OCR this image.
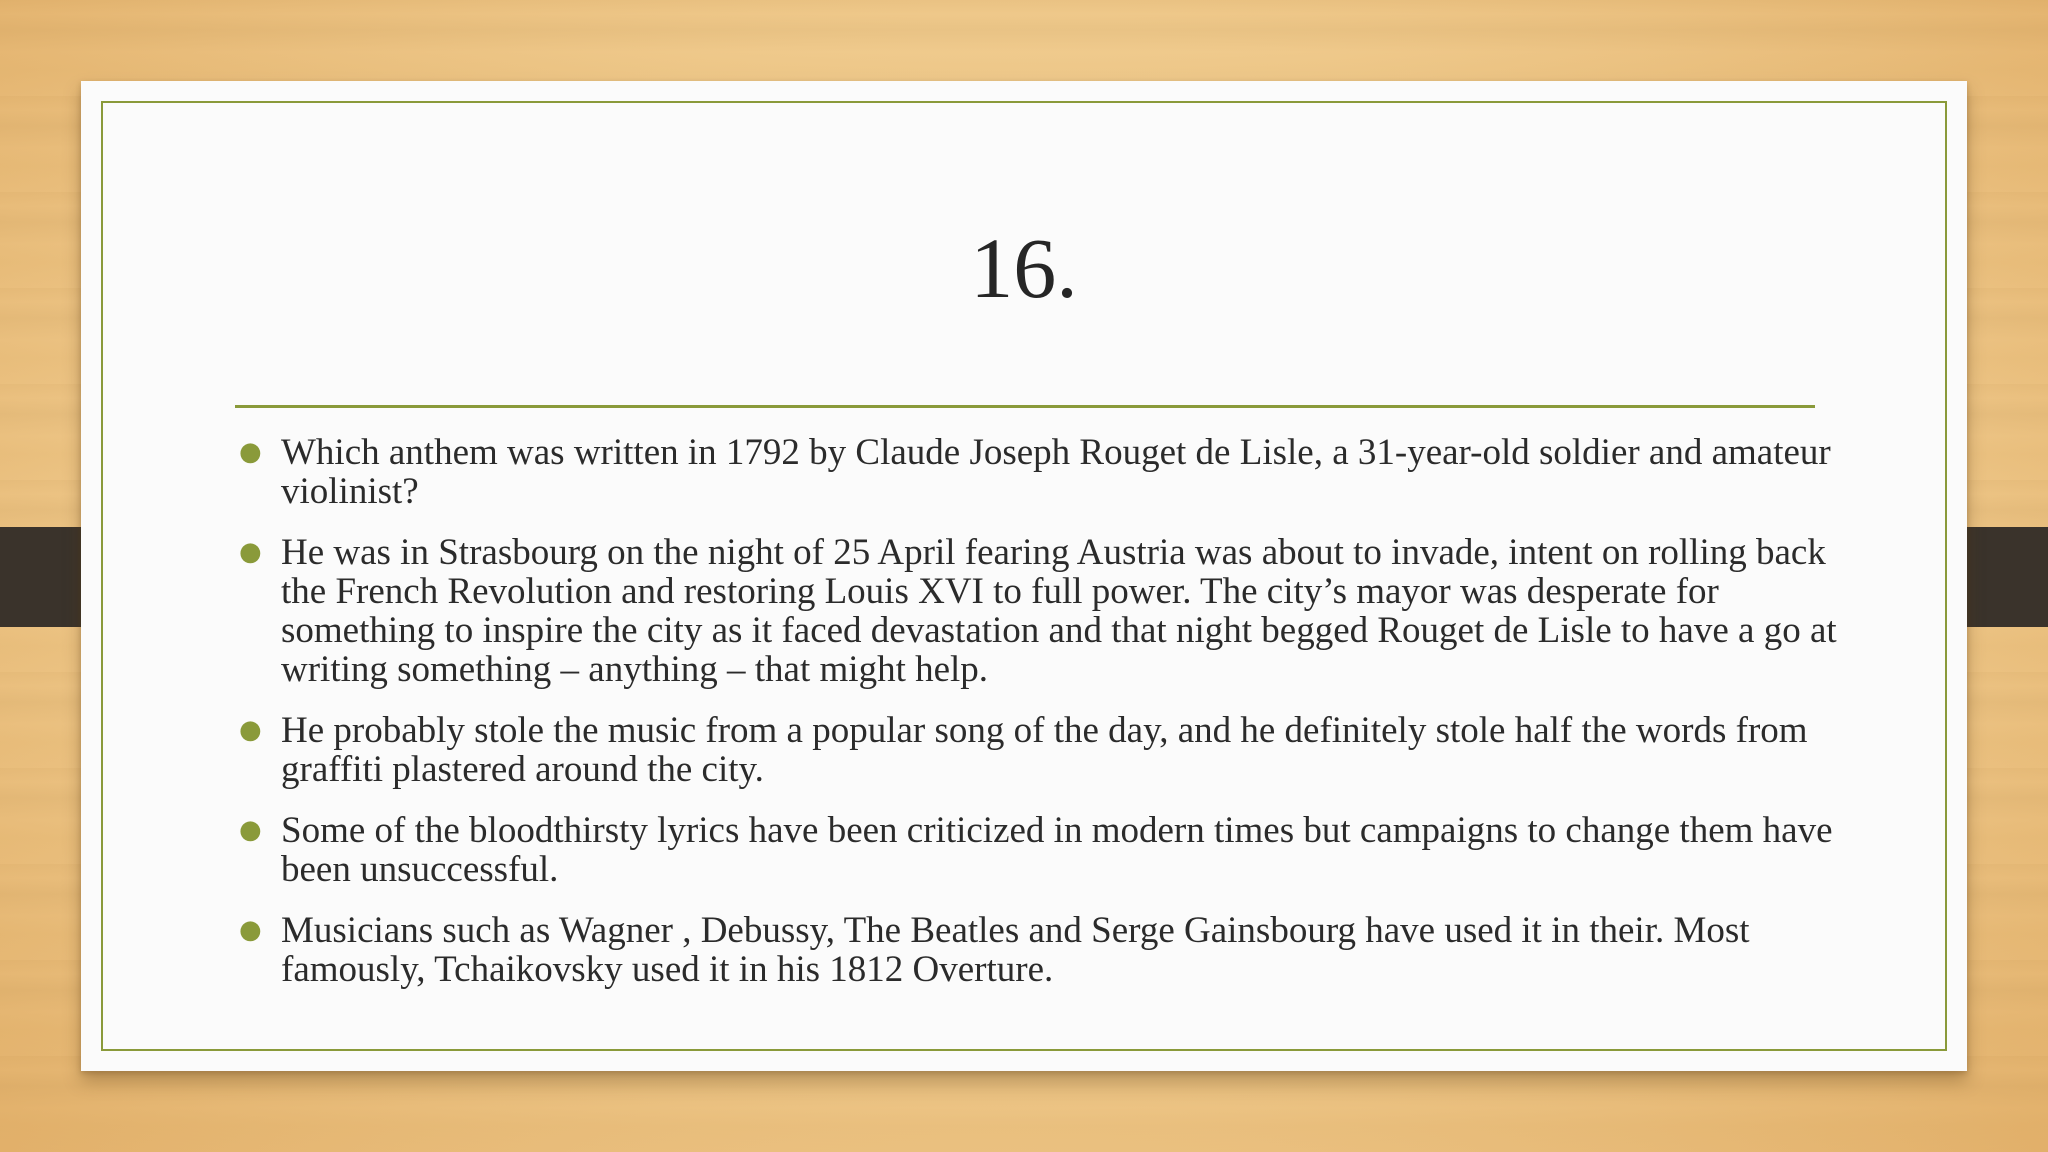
16.
● Which anthem was written in 1792 by Claude Joseph Rouget de Lisle, a 31-year-old soldier and amateur violinist?
● He was in Strasbourg on the night of 25 April fearing Austria was about to invade, intent on rolling back the French Revolution and restoring Louis XVI to full power. The city’s mayor was desperate for something to inspire the city as it faced devastation and that night begged Rouget de Lisle to have a go at writing something – anything – that might help.
● He probably stole the music from a popular song of the day, and he definitely stole half the words from graffiti plastered around the city.
● Some of the bloodthirsty lyrics have been criticized in modern times but campaigns to change them have been unsuccessful.
● Musicians such as Wagner , Debussy, The Beatles and Serge Gainsbourg have used it in their. Most famously, Tchaikovsky used it in his 1812 Overture.
